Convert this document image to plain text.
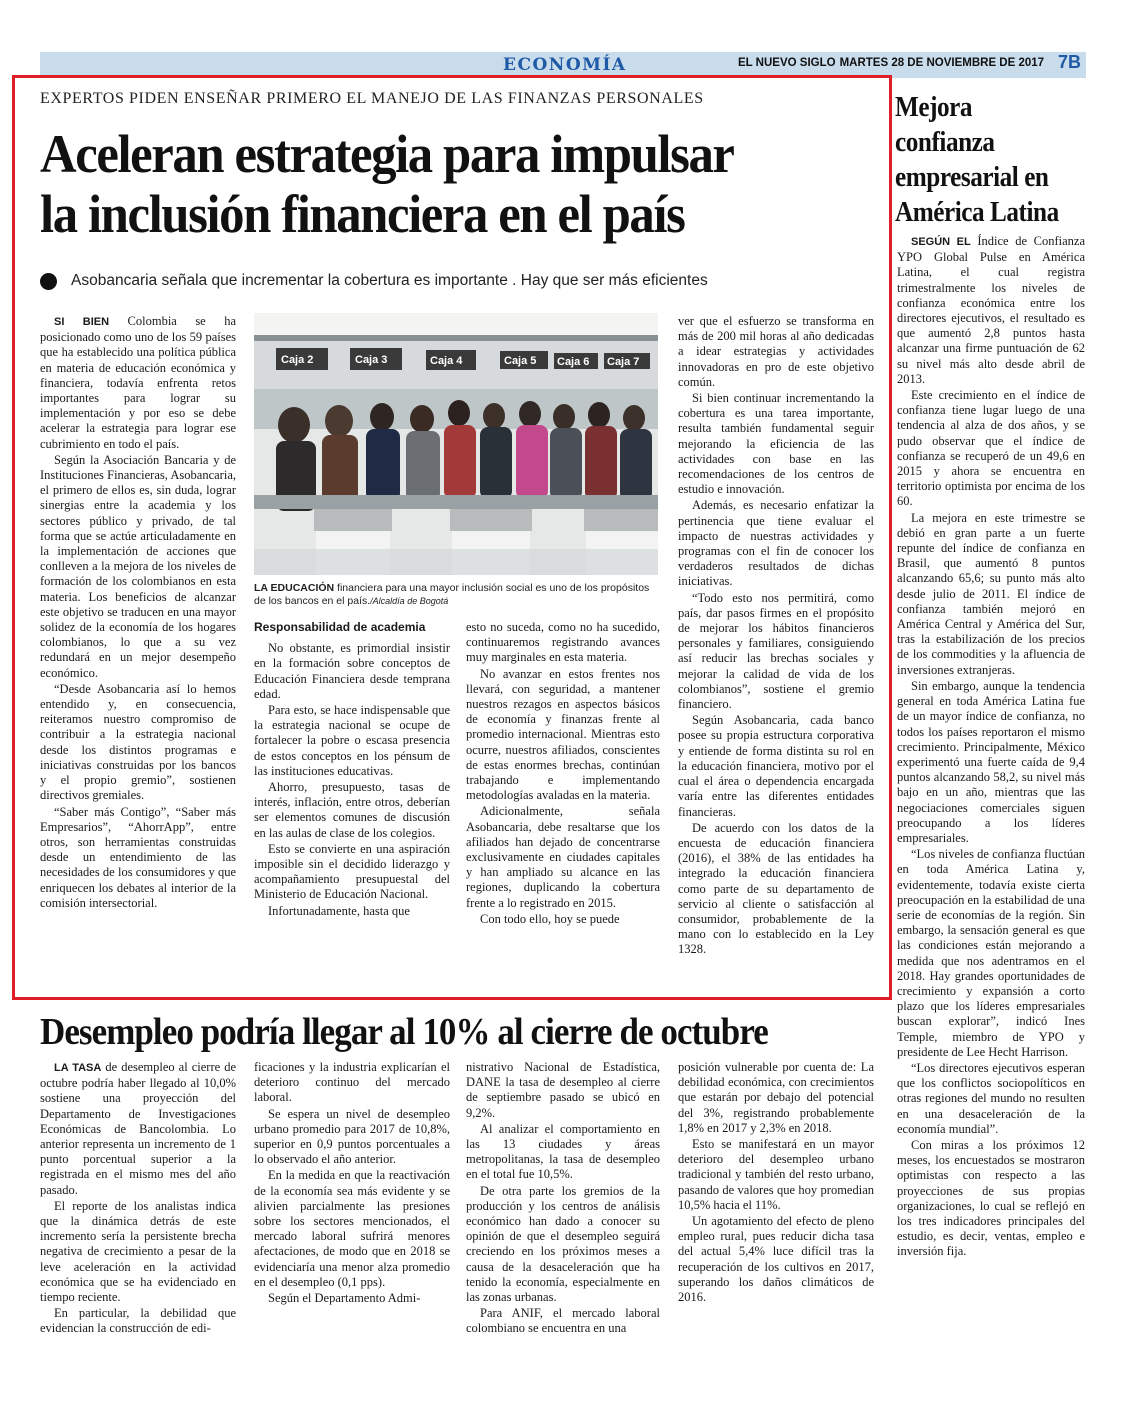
ECONOMÍA	EL NUEVO SIGLO MARTES 28 DE NOVIEMBRE DE 2017 7B
EXPERTOS PIDEN ENSEÑAR PRIMERO EL MANEJO DE LAS FINANZAS PERSONALES
Aceleran estrategia para impulsar
la inclusión financiera en el país
Asobancaria señala que incrementar la cobertura es importante . Hay que ser más eficientes

SI BIEN Colombia se ha posicionado como uno de los 59 países que ha establecido una política pública en materia de educación económica y financiera, todavía enfrenta retos importantes para lograr su implementación y por eso se debe acelerar la estrategia para lograr ese cubrimiento en todo el país.

Según la Asociación Bancaria y de Instituciones Financieras, Asobancaria, el primero de ellos es, sin duda, lograr sinergias entre la academia y los sectores público y privado, de tal forma que se actúe articuladamente en la implementación de acciones que conlleven a la mejora de los niveles de formación de los colombianos en esta materia. Los beneficios de alcanzar este objetivo se traducen en una mayor solidez de la economía de los hogares colombianos, lo que a su vez redundará en un mejor desempeño económico.

“Desde Asobancaria así lo hemos entendido y, en consecuencia, reiteramos nuestro compromiso de contribuir a la estrategia nacional desde los distintos programas e iniciativas construidas por los bancos y el propio gremio”, sostienen directivos gremiales.

“Saber más Contigo”, “Saber más Empresarios”, “AhorrApp”, entre otros, son herramientas construidas desde un entendimiento de las necesidades de los consumidores y que enriquecen los debates al interior de la comisión intersectorial.

Caja 2	Caja 3	Caja 4	Caja 5 Caja 6 Caja 7
LA EDUCACIÓN financiera para una mayor inclusión social es uno de los propósitos de los bancos en el país./Alcaldía de Bogotá
Responsabilidad de academia

No obstante, es primordial insistir en la formación sobre conceptos de Educación Financiera desde temprana edad.

Para esto, se hace indispensable que la estrategia nacional se ocupe de fortalecer la pobre o escasa presencia de estos conceptos en los pénsum de las instituciones educativas.

Ahorro, presupuesto, tasas de interés, inflación, entre otros, deberían ser elementos comunes de discusión en las aulas de clase de los colegios.

Esto se convierte en una aspiración imposible sin el decidido liderazgo y acompañamiento presupuestal del Ministerio de Educación Nacional.

Infortunadamente, hasta que

esto no suceda, como no ha sucedido, continuaremos registrando avances muy marginales en esta materia.

No avanzar en estos frentes nos llevará, con seguridad, a mantener nuestros rezagos en aspectos básicos de economía y finanzas frente al promedio internacional. Mientras esto ocurre, nuestros afiliados, conscientes de estas enormes brechas, continúan trabajando e implementando metodologías avaladas en la materia.

Adicionalmente, señala Asobancaria, debe resaltarse que los afiliados han dejado de concentrarse exclusivamente en ciudades capitales y han ampliado su alcance en las regiones, duplicando la cobertura frente a lo registrado en 2015.

Con todo ello, hoy se puede

ver que el esfuerzo se transforma en más de 200 mil horas al año dedicadas a idear estrategias y actividades innovadoras en pro de este objetivo común.

Si bien continuar incrementando la cobertura es una tarea importante, resulta también fundamental seguir mejorando la eficiencia de las actividades con base en las recomendaciones de los centros de estudio e innovación.

Además, es necesario enfatizar la pertinencia que tiene evaluar el impacto de nuestras actividades y programas con el fin de conocer los verdaderos resultados de dichas iniciativas.

“Todo esto nos permitirá, como país, dar pasos firmes en el propósito de mejorar los hábitos financieros personales y familiares, consiguiendo así reducir las brechas sociales y mejorar la calidad de vida de los colombianos”, sostiene el gremio financiero.

Según Asobancaria, cada banco posee su propia estructura corporativa y entiende de forma distinta su rol en la educación financiera, motivo por el cual el área o dependencia encargada varía entre las diferentes entidades financieras.

De acuerdo con los datos de la encuesta de educación financiera (2016), el 38% de las entidades ha integrado la educación financiera como parte de su departamento de servicio al cliente o satisfacción al consumidor, probablemente de la mano con lo establecido en la Ley 1328.

Desempleo podría llegar al 10% al cierre de octubre

LA TASA de desempleo al cierre de octubre podría haber llegado al 10,0% sostiene una proyección del Departamento de Investigaciones Económicas de Bancolombia. Lo anterior representa un incremento de 1 punto porcentual superior a la registrada en el mismo mes del año pasado.

El reporte de los analistas indica que la dinámica detrás de este incremento sería la persistente brecha negativa de crecimiento a pesar de la leve aceleración en la actividad económica que se ha evidenciado en tiempo reciente.

En particular, la debilidad que evidencian la construcción de edi-

ficaciones y la industria explicarían el deterioro continuo del mercado laboral.

Se espera un nivel de desempleo urbano promedio para 2017 de 10,8%, superior en 0,9 puntos porcentuales a lo observado el año anterior.

En la medida en que la reactivación de la economía sea más evidente y se alivien parcialmente las presiones sobre los sectores mencionados, el mercado laboral sufrirá menores afectaciones, de modo que en 2018 se evidenciaría una menor alza promedio en el desempleo (0,1 pps).

Según el Departamento Admi-

nistrativo Nacional de Estadística, DANE la tasa de desempleo al cierre de septiembre pasado se ubicó en 9,2%.

Al analizar el comportamiento en las 13 ciudades y áreas metropolitanas, la tasa de desempleo en el total fue 10,5%.

De otra parte los gremios de la producción y los centros de análisis económico han dado a conocer su opinión de que el desempleo seguirá creciendo en los próximos meses a causa de la desaceleración que ha tenido la economía, especialmente en las zonas urbanas.

Para ANIF, el mercado laboral colombiano se encuentra en una

posición vulnerable por cuenta de: La debilidad económica, con crecimientos que estarán por debajo del potencial del 3%, registrando probablemente 1,8% en 2017 y 2,3% en 2018.

Esto se manifestará en un mayor deterioro del desempleo urbano tradicional y también del resto urbano, pasando de valores que hoy promedian 10,5% hacia el 11%.

Un agotamiento del efecto de pleno empleo rural, pues reducir dicha tasa del actual 5,4% luce difícil tras la recuperación de los cultivos en 2017, superando los daños climáticos de 2016.

Mejora confianza empresarial en América Latina

SEGÚN EL Índice de Confianza YPO Global Pulse en América Latina, el cual registra trimestralmente los niveles de confianza económica entre los directores ejecutivos, el resultado es que aumentó 2,8 puntos hasta alcanzar una firme puntuación de 62 su nivel más alto desde abril de 2013.

Este crecimiento en el índice de confianza tiene lugar luego de una tendencia al alza de dos años, y se pudo observar que el índice de confianza se recuperó de un 49,6 en 2015 y ahora se encuentra en territorio optimista por encima de los 60.

La mejora en este trimestre se debió en gran parte a un fuerte repunte del índice de confianza en Brasil, que aumentó 8 puntos alcanzando 65,6; su punto más alto desde julio de 2011. El índice de confianza también mejoró en América Central y América del Sur, tras la estabilización de los precios de los commodities y la afluencia de inversiones extranjeras.

Sin embargo, aunque la tendencia general en toda América Latina fue de un mayor índice de confianza, no todos los países reportaron el mismo crecimiento. Principalmente, México experimentó una fuerte caída de 9,4 puntos alcanzando 58,2, su nivel más bajo en un año, mientras que las negociaciones comerciales siguen preocupando a los líderes empresariales.

“Los niveles de confianza fluctúan en toda América Latina y, evidentemente, todavía existe cierta preocupación en la estabilidad de una serie de economías de la región. Sin embargo, la sensación general es que las condiciones están mejorando a medida que nos adentramos en el 2018. Hay grandes oportunidades de crecimiento y expansión a corto plazo que los líderes empresariales buscan explorar”, indicó Ines Temple, miembro de YPO y presidente de Lee Hecht Harrison.

“Los directores ejecutivos esperan que los conflictos sociopolíticos en otras regiones del mundo no resulten en una desaceleración de la economía mundial”.

Con miras a los próximos 12 meses, los encuestados se mostraron optimistas con respecto a las proyecciones de sus propias organizaciones, lo cual se reflejó en los tres indicadores principales del estudio, es decir, ventas, empleo e inversión fija.
